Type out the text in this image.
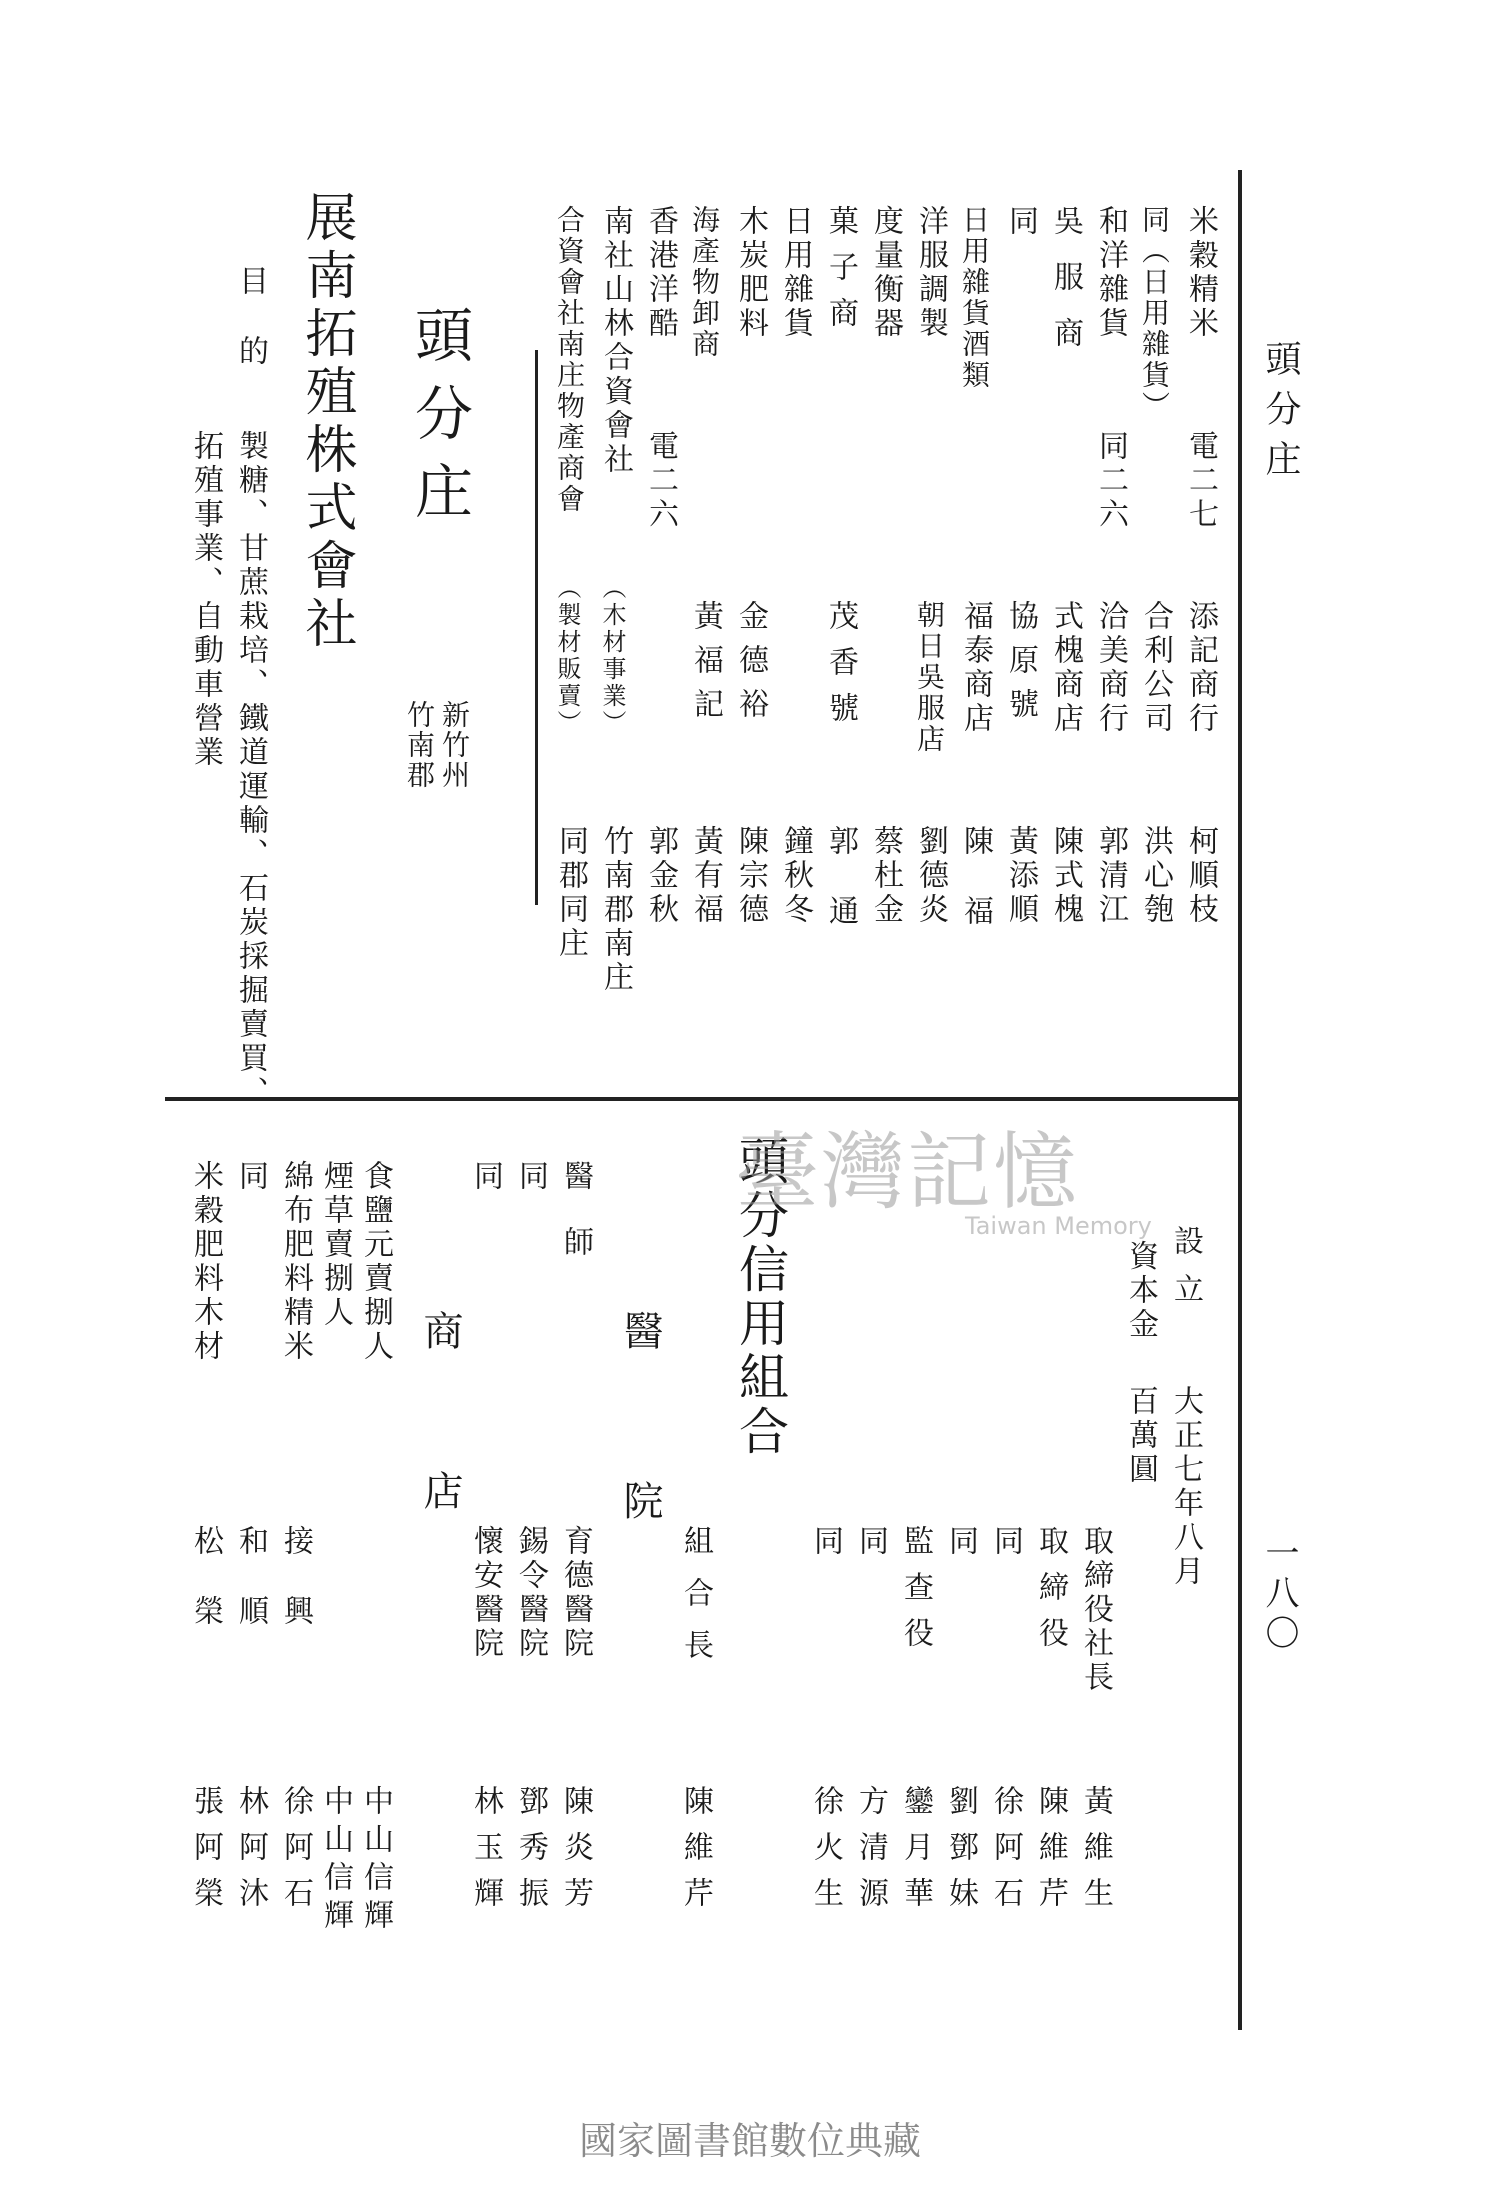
頭分庄
一八〇
米穀精米
電二七
添記商行
柯順枝
同（日用雜貨）
合利公司
洪心匏
和洋雜貨
同二六
洽美商行
郭清江
吳服商
式槐商店
陳式槐
同
協原號
黃添順
日用雜貨酒類
福泰商店
陳福
洋服調製
朝日吳服店
劉德炎
度量衡器
蔡杜金
菓子商
茂香號
郭通
日用雜貨
鐘秋冬
木炭肥料
金德裕
陳宗德
海產物卸商
黃福記
黃有福
香港洋酷
電二六
郭金秋
南社山林合資會社
（木材事業）
竹南郡南庄
合資會社南庄物產商會
（製材販賣）
同郡同庄
頭分庄
新竹州
竹南郡
展南拓殖株式會社
目的
製糖、甘蔗栽培、鐵道運輸、石炭採掘賣買、
拓殖事業、自動車營業
設立
大正七年八月
資本金
百萬圓
取締役社長
黃維生
取締役
陳維芹
同
徐阿石
同
劉鄧妹
監查役
鑾月華
同
方清源
同
徐火生
頭分信用組合
組合長
陳維芹
醫院
醫師
育德醫院
陳炎芳
同
錫令醫院
鄧秀振
同
懷安醫院
林玉輝
商店
食鹽元賣捌人
中山信輝
煙草賣捌人
中山信輝
綿布肥料精米
接興
徐阿石
同
和順
林阿沐
米穀肥料木材
松榮
張阿榮
臺灣記憶
Taiwan Memory
國家圖書館數位典藏
